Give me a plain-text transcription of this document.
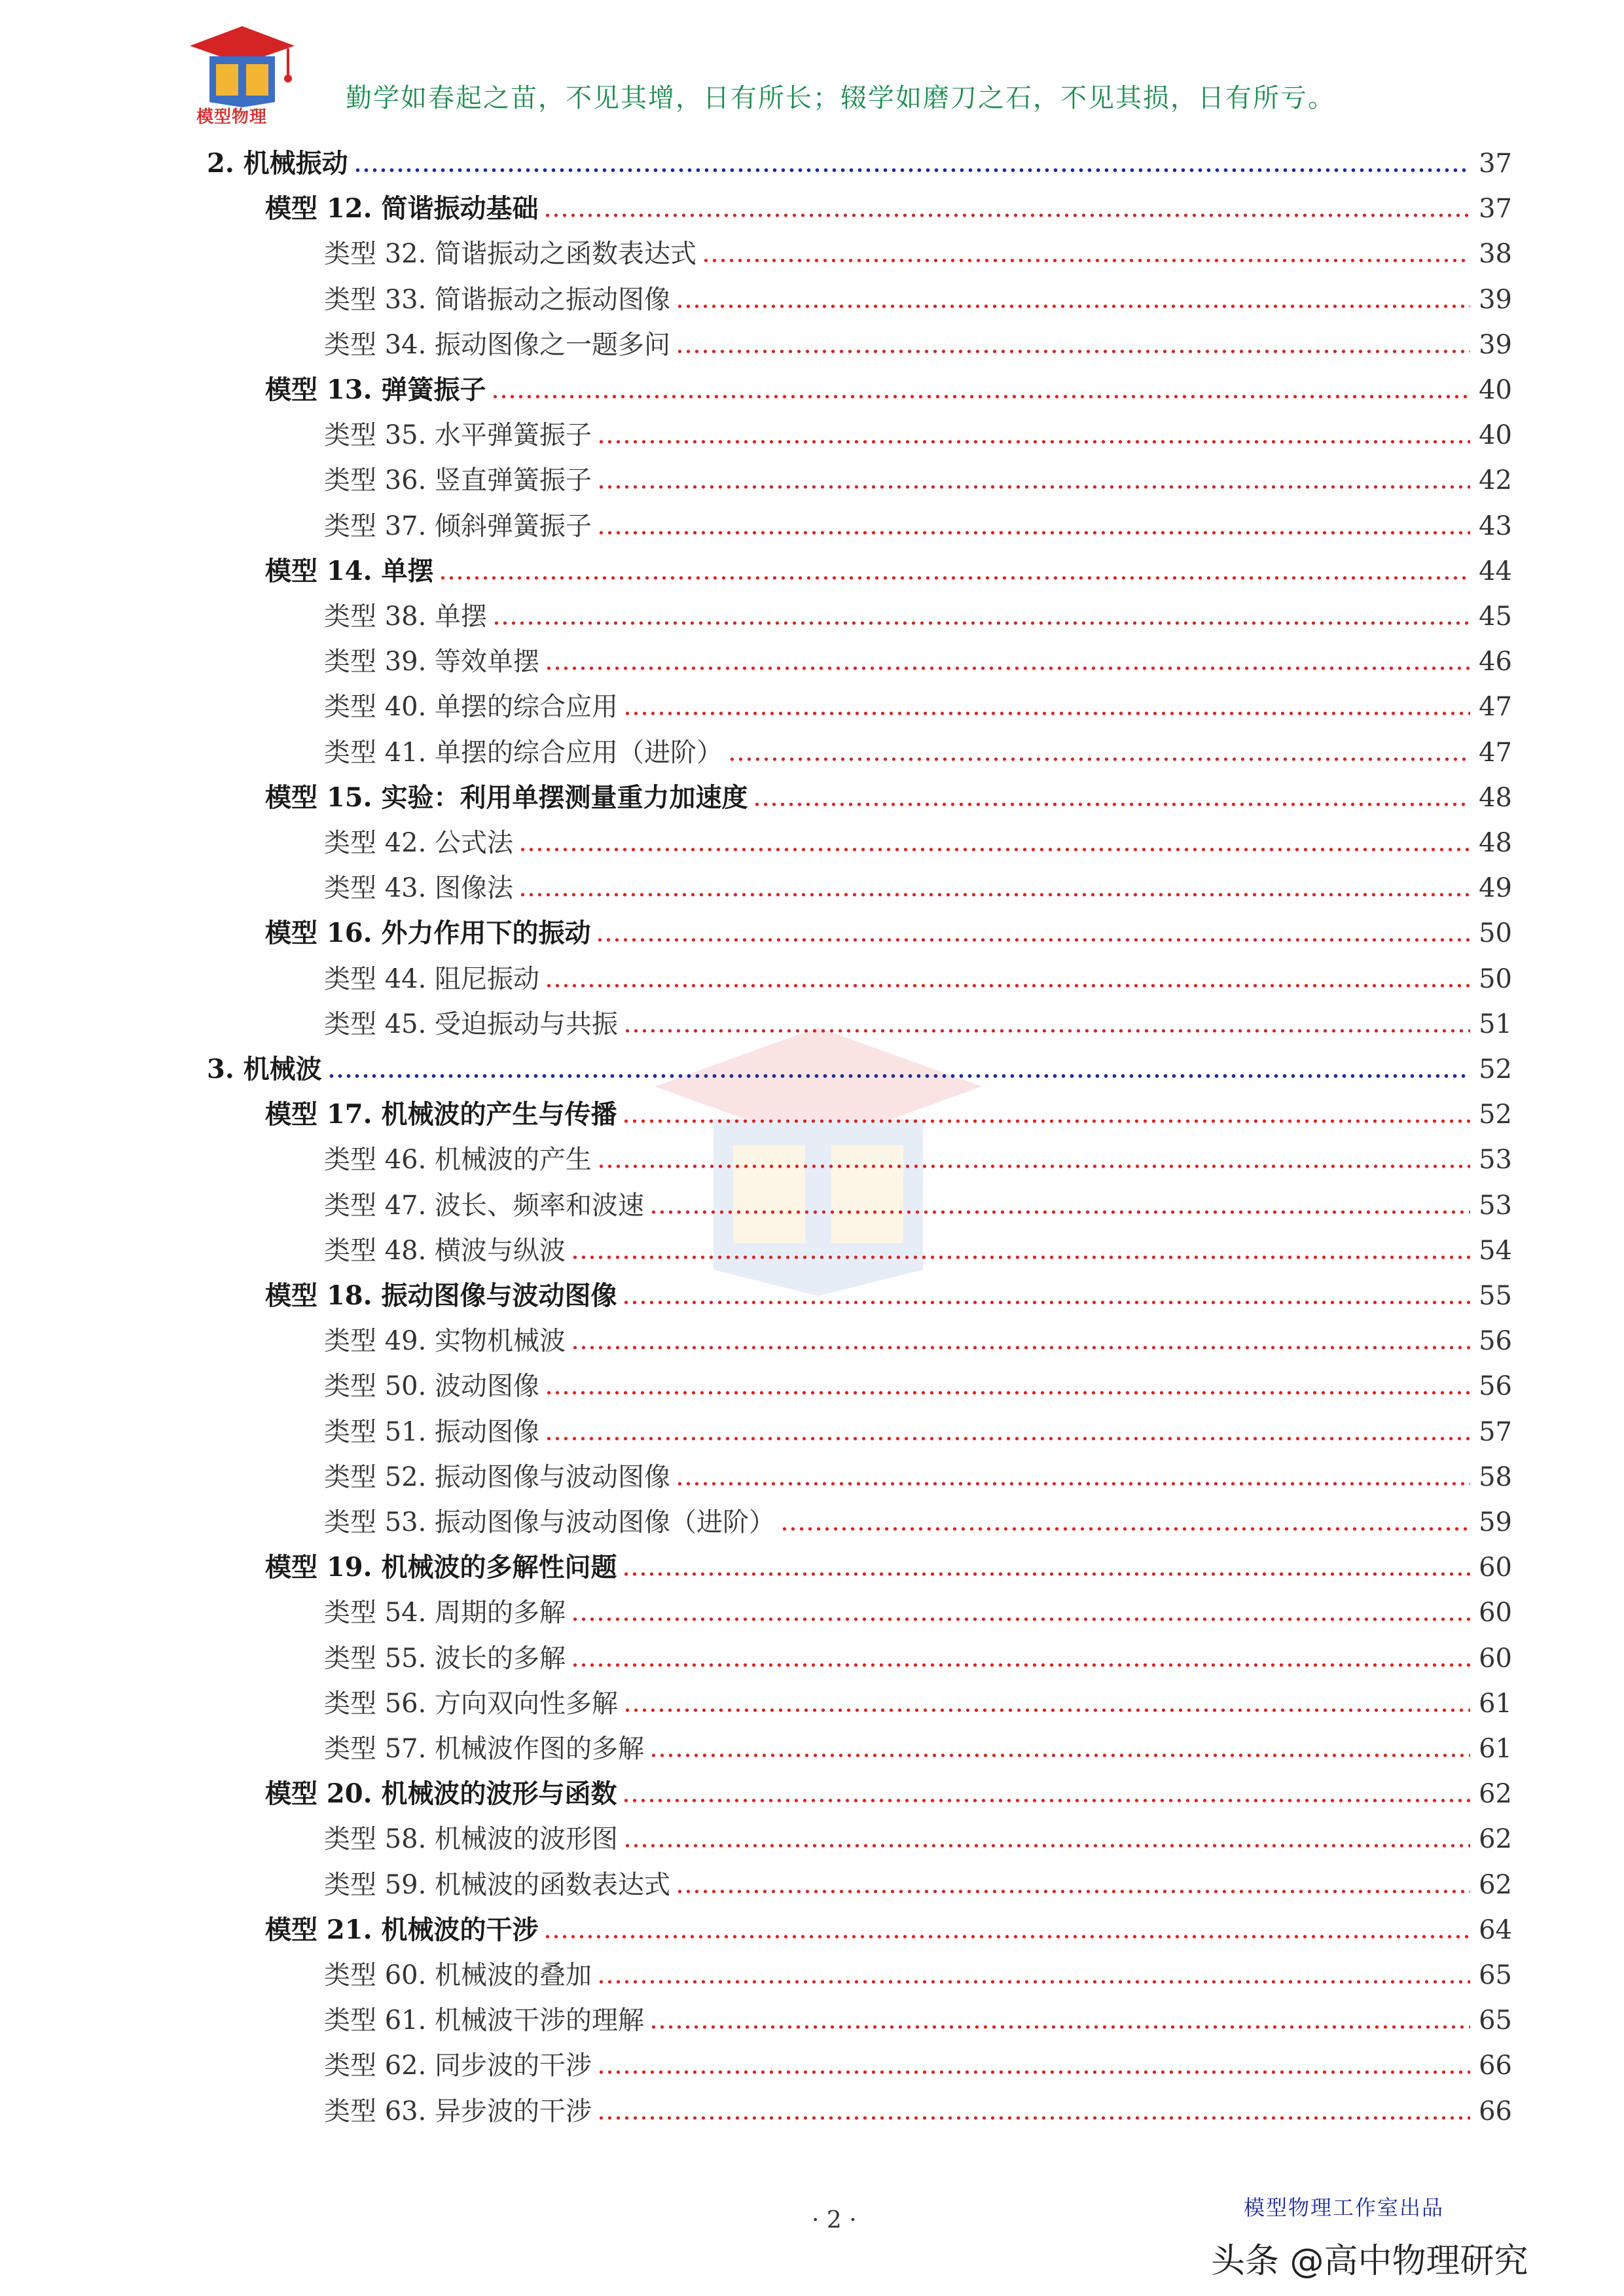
模型物理
勤学如春起之苗，不见其增，日有所长；辍学如磨刀之石，不见其损，日有所亏。
2. 机械振动	37
模型 12. 简谐振动基础	37
类型 32. 简谐振动之函数表达式	38
类型 33. 简谐振动之振动图像	39
类型 34. 振动图像之一题多问	39
模型 13. 弹簧振子	40
类型 35. 水平弹簧振子	40
类型 36. 竖直弹簧振子	42
类型 37. 倾斜弹簧振子	43
模型 14. 单摆	44
类型 38. 单摆	45
类型 39. 等效单摆	46
类型 40. 单摆的综合应用	47
类型 41. 单摆的综合应用（进阶）	47
模型 15. 实验：利用单摆测量重力加速度	48
类型 42. 公式法	48
类型 43. 图像法	49
模型 16. 外力作用下的振动	50
类型 44. 阻尼振动	50
类型 45. 受迫振动与共振	51
3. 机械波	52
模型 17. 机械波的产生与传播	52
类型 46. 机械波的产生	53
类型 47. 波长、频率和波速	53
类型 48. 横波与纵波	54
模型 18. 振动图像与波动图像	55
类型 49. 实物机械波	56
类型 50. 波动图像	56
类型 51. 振动图像	57
类型 52. 振动图像与波动图像	58
类型 53. 振动图像与波动图像（进阶）	59
模型 19. 机械波的多解性问题	60
类型 54. 周期的多解	60
类型 55. 波长的多解	60
类型 56. 方向双向性多解	61
类型 57. 机械波作图的多解	61
模型 20. 机械波的波形与函数	62
类型 58. 机械波的波形图	62
类型 59. 机械波的函数表达式	62
模型 21. 机械波的干涉	64
类型 60. 机械波的叠加	65
类型 61. 机械波干涉的理解	65
类型 62. 同步波的干涉	66
类型 63. 异步波的干涉	66
模型物理工作室出品
· 2 ·
头条 @高中物理研究
